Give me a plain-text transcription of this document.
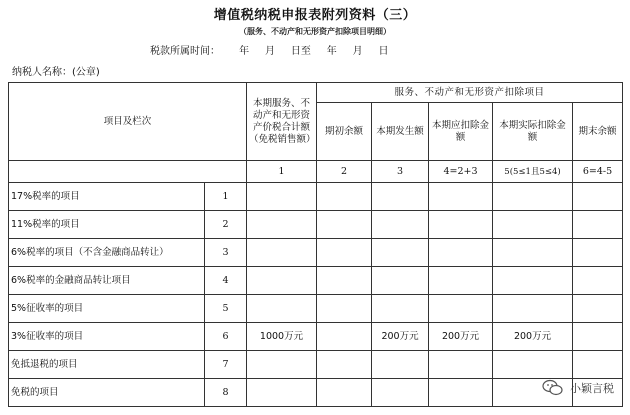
增值税纳税申报表附列资料（三）
（服务、不动产和无形资产扣除项目明细）
税款所属时间：      年     月     日至     年     月     日
纳税人名称：(公章)
项目及栏次		本期服务、不动产和无形资产价税合计额（免税销售额）	服务、不动产和无形资产扣除项目				
			期初余额	本期发生额	本期应扣除金额	本期实际扣除金额	期末余额
		1	2	3	4=2+3	5(5≤1且5≤4)	6=4-5
17%税率的项目	1						
11%税率的项目	2						
6%税率的项目（不含金融商品转让）	3						
6%税率的金融商品转让项目	4						
5%征收率的项目	5						
3%征收率的项目	6	1000万元		200万元	200万元	200万元	
免抵退税的项目	7						
免税的项目	8							小颖言税
